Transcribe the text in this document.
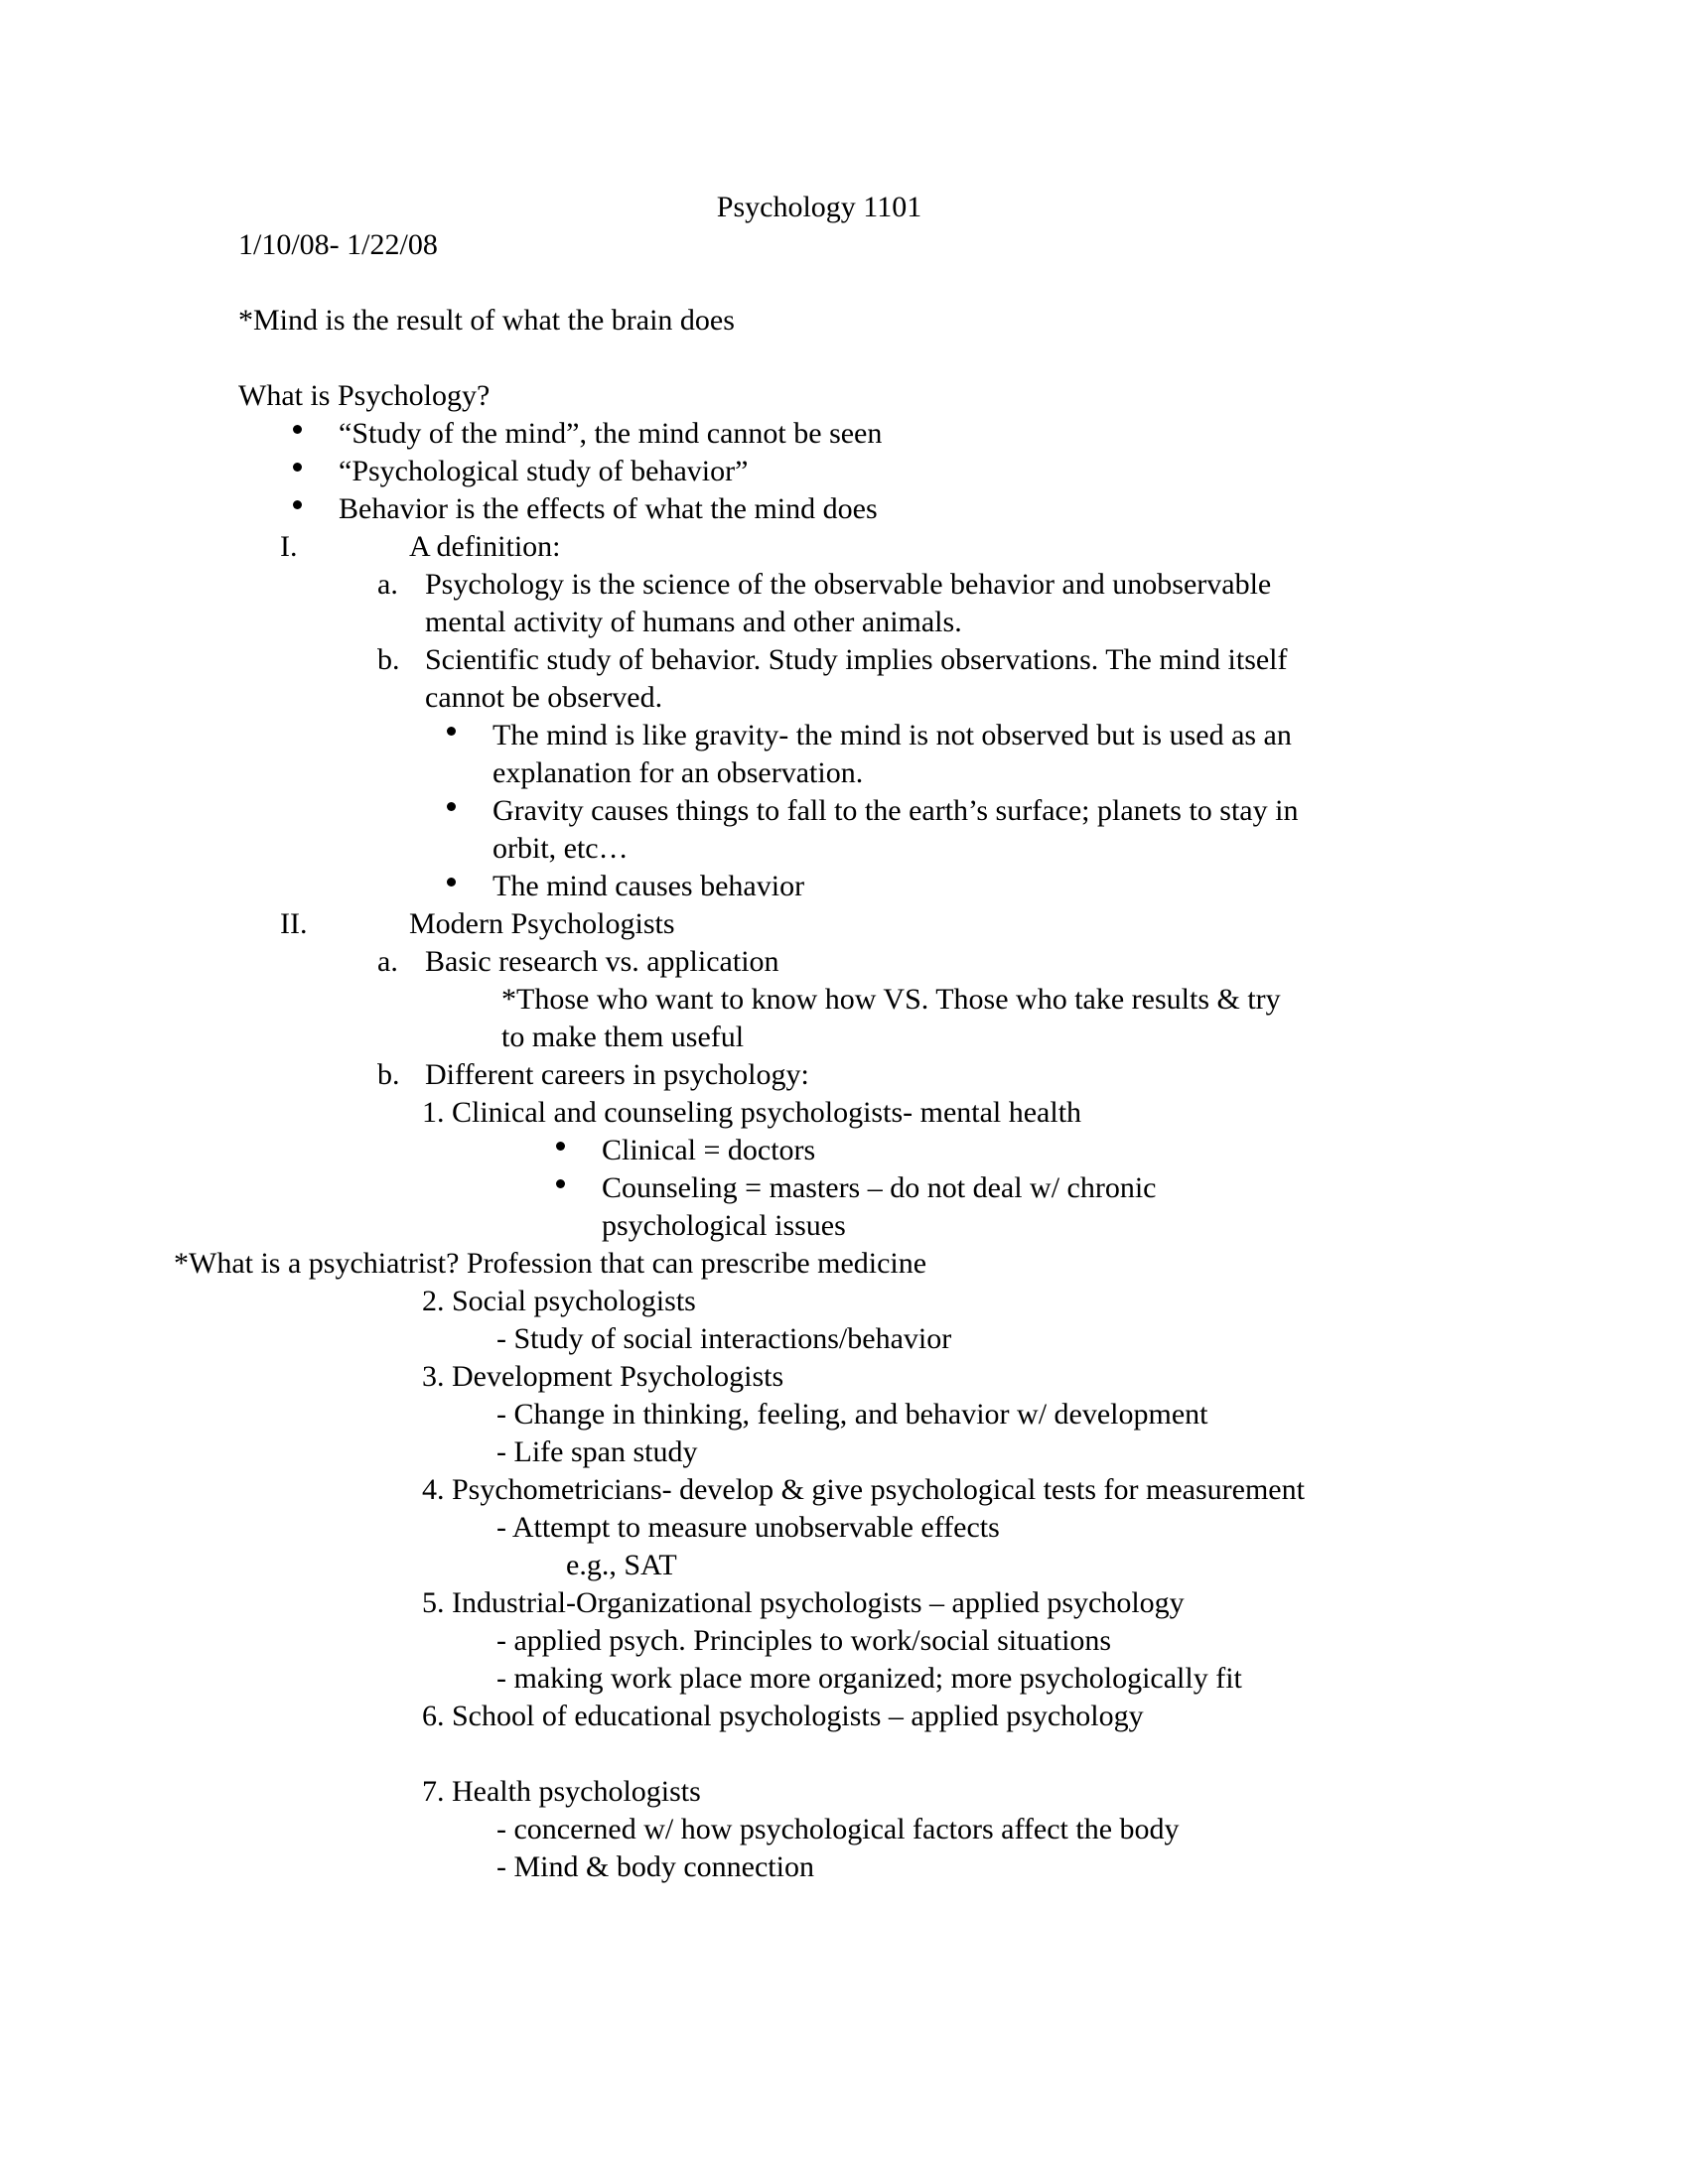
Psychology 1101
1/10/08- 1/22/08
*Mind is the result of what the brain does
What is Psychology?
“Study of the mind”, the mind cannot be seen
“Psychological study of behavior”
Behavior is the effects of what the mind does
I.	A definition:
a. Psychology is the science of the observable behavior and unobservable
mental activity of humans and other animals.
b. Scientific study of behavior. Study implies observations. The mind itself
cannot be observed.
The mind is like gravity- the mind is not observed but is used as an
explanation for an observation.
Gravity causes things to fall to the earth’s surface; planets to stay in
orbit, etc…
The mind causes behavior
II.	Modern Psychologists
a. Basic research vs. application
*Those who want to know how VS. Those who take results & try
to make them useful
b. Different careers in psychology:
1. Clinical and counseling psychologists- mental health
Clinical = doctors
Counseling = masters – do not deal w/ chronic
psychological issues
*What is a psychiatrist? Profession that can prescribe medicine
2. Social psychologists
- Study of social interactions/behavior
3. Development Psychologists
- Change in thinking, feeling, and behavior w/ development
- Life span study
4. Psychometricians- develop & give psychological tests for measurement
- Attempt to measure unobservable effects
e.g., SAT
5. Industrial-Organizational psychologists – applied psychology
- applied psych. Principles to work/social situations
- making work place more organized; more psychologically fit
6. School of educational psychologists – applied psychology
7. Health psychologists
- concerned w/ how psychological factors affect the body
- Mind & body connection
